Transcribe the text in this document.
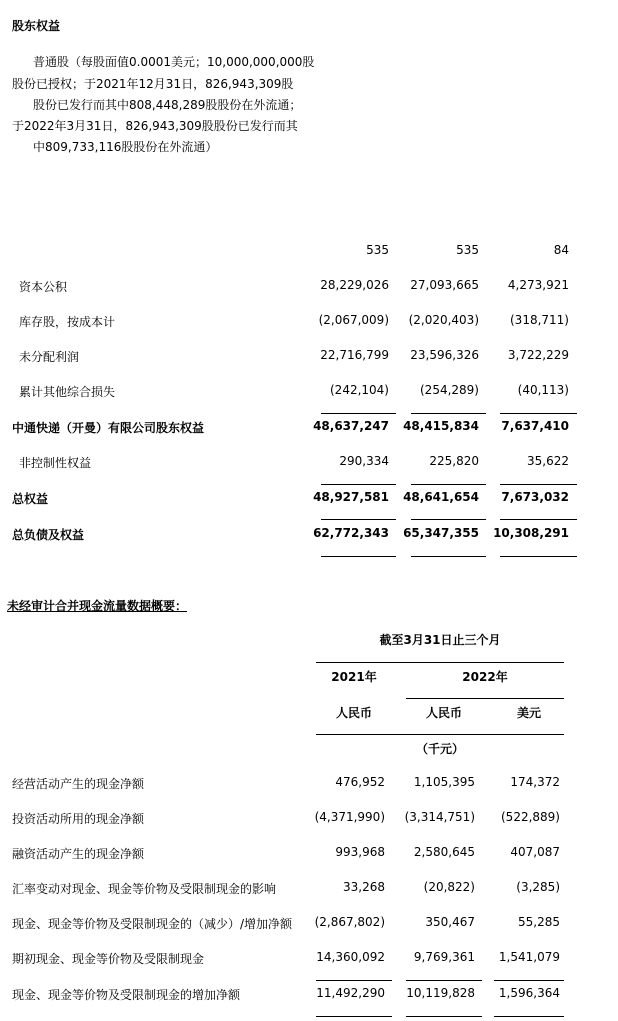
股东权益
普通股（每股面值0.0001美元；10,000,000,000股
股份已授权；于2021年12月31日，826,943,309股
股份已发行而其中808,448,289股股份在外流通；
于2022年3月31日，826,943,309股股份已发行而其
中809,733,116股股份在外流通）
535	535	84
资本公积	28,229,026 27,093,665 4,273,921
库存股，按成本计	(2,067,009) (2,020,403)	(318,711)
未分配利润	22,716,799 23,596,326 3,722,229
累计其他综合损失	(242,104)	(254,289)	(40,113)
中通快递（开曼）有限公司股东权益	48,637,247 48,415,834 7,637,410
非控制性权益	290,334	225,820	35,622
总权益	48,927,581 48,641,654 7,673,032
总负债及权益	62,772,343 65,347,355 10,308,291
未经审计合并现金流量数据概要：
截至3月31日止三个月
2021年	2022年
人民币	人民币	美元
（千元）
经营活动产生的现金净额	476,952 1,105,395	174,372
投资活动所用的现金净额	(4,371,990) (3,314,751) (522,889)
融资活动产生的现金净额	993,968 2,580,645	407,087
汇率变动对现金、现金等价物及受限制现金的影响	33,268	(20,822)	(3,285)
现金、现金等价物及受限制现金的（减少）/增加净额 (2,867,802)	350,467	55,285
期初现金、现金等价物及受限制现金	14,360,092 9,769,361 1,541,079
现金、现金等价物及受限制现金的增加净额	11,492,290 10,119,828 1,596,364
